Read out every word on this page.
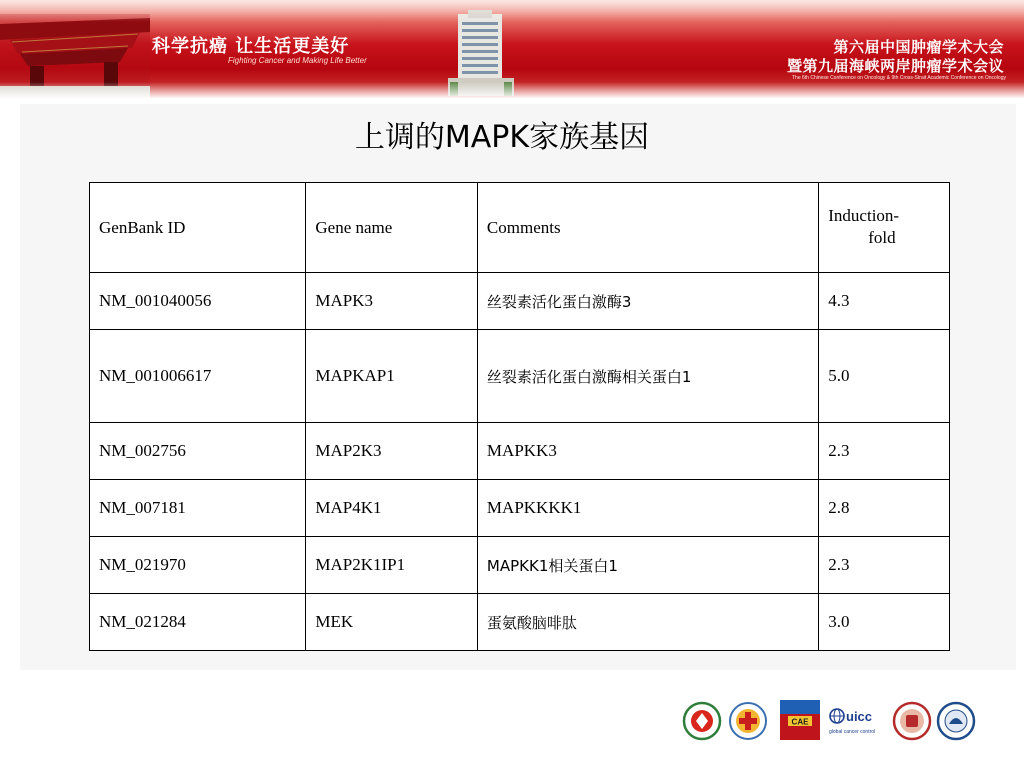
科学抗癌 让生活更美好
Fighting Cancer and Making Life Better
第六届中国肿瘤学术大会
暨第九届海峡两岸肿瘤学术会议
The 6th Chinese Conference on Oncology & 9th Cross-Strait Academic Conference on Oncology
上调的MAPK家族基因
GenBank ID	Gene name	Comments	Induction-
fold

NM_001040056	MAPK3	丝裂素活化蛋白激酶3	4.3
NM_001006617	MAPKAP1	丝裂素活化蛋白激酶相关蛋白1	5.0
NM_002756	MAP2K3	MAPKK3	2.3
NM_007181	MAP4K1	MAPKKKK1	2.8
NM_021970	MAP2K1IP1	MAPKK1相关蛋白1	2.3
NM_021284	MEK	蛋氨酸脑啡肽	3.0
CAE	uicc
global cancer control
